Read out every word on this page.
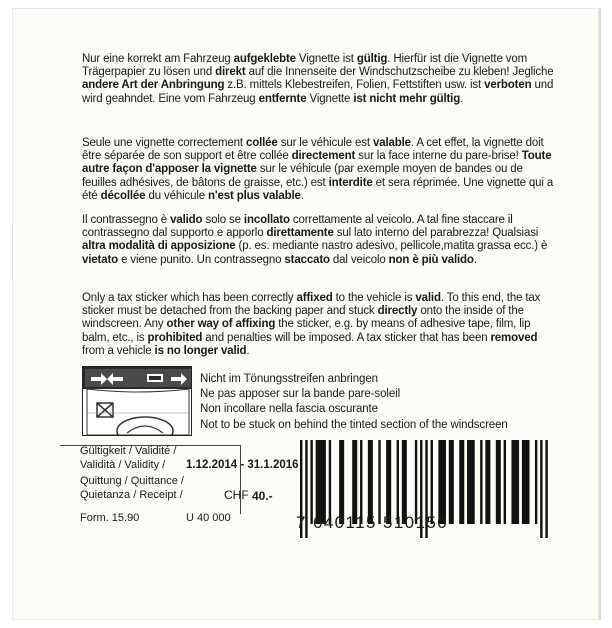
Nur eine korrekt am Fahrzeug aufgeklebte Vignette ist gültig. Hierfür ist die Vignette vom Trägerpapier zu lösen und direkt auf die Innenseite der Windschutzscheibe zu kleben! Jegliche andere Art der Anbringung z.B. mittels Klebestreifen, Folien, Fettstiften usw. ist verboten und wird geahndet. Eine vom Fahrzeug entfernte Vignette ist nicht mehr gültig.

Seule une vignette correctement collée sur le véhicule est valable. A cet effet, la vignette doit être séparée de son support et être collée directement sur la face interne du pare-brise! Toute autre façon d'apposer la vignette sur le véhicule (par exemple moyen de bandes ou de feuilles adhésives, de bâtons de graisse, etc.) est interdite et sera réprimée. Une vignette qui a été décollée du véhicule n'est plus valable.

Il contrassegno è valido solo se incollato correttamente al veicolo. A tal fine staccare il contrassegno dal supporto e apporlo direttamente sul lato interno del parabrezza! Qualsiasi altra modalità di apposizione (p. es. mediante nastro adesivo, pellicole,matita grassa ecc.) è vietato e viene punito. Un contrassegno staccato dal veicolo non è più valido.

Only a tax sticker which has been correctly affixed to the vehicle is valid. To this end, the tax sticker must be detached from the backing paper and stuck directly onto the inside of the windscreen. Any other way of affixing the sticker, e.g. by means of adhesive tape, film, lip balm, etc., is prohibited and penalties will be imposed. A tax sticker that has been removed from a vehicle is no longer valid.

Nicht im Tönungsstreifen anbringen
Ne pas apposer sur la bande pare-soleil
Non incollare nella fascia oscurante
Not to be stuck on behind the tinted section of the windscreen
Gültigkeit / Validité /
Validità / Validity / 1.12.2014 - 31.1.2016
Quittung / Quittance /
Quietanza / Receipt /	CHF 40.-
Form. 15.90	U 40 000	7 640115 510150
